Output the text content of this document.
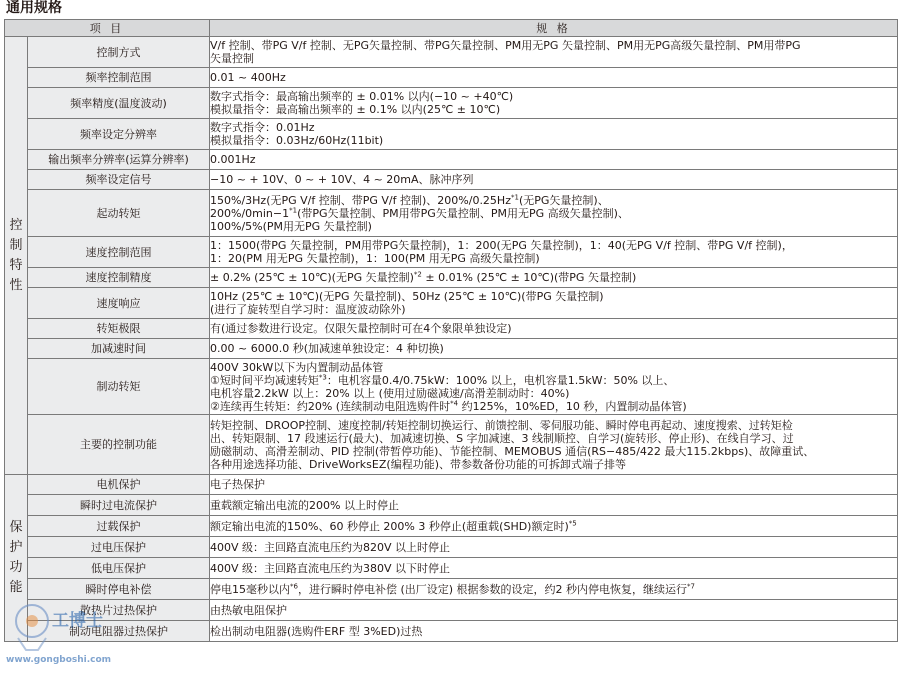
通用规格
项 目		规 格
控制特性	控制方式	V/f 控制、带PG V/f 控制、无PG矢量控制、带PG矢量控制、PM用无PG 矢量控制、PM用无PG高级矢量控制、PM用带PG
矢量控制

	频率控制范围	0.01 ~ 400Hz

	频率精度(温度波动)	数字式指令：最高输出频率的 ± 0.01% 以内(−10 ~ +40℃)
模拟量指令：最高输出频率的 ± 0.1% 以内(25℃ ± 10℃)

	频率设定分辨率	数字式指令：0.01Hz
模拟量指令：0.03Hz/60Hz(11bit)

	输出频率分辨率(运算分辨率)	0.001Hz

	频率设定信号	−10 ~ + 10V、0 ~ + 10V、4 ~ 20mA、脉冲序列

	起动转矩	150%/3Hz(无PG V/f 控制、带PG V/f 控制)、200%/0.25Hz$^{*1}$(无PG矢量控制)、
$200\%/0\min-1^{*1}$(带PG矢量控制、PM用带PG矢量控制、PM用无PG 高级矢量控制)、
100%/5%(PM用无PG 矢量控制)

	速度控制范围	1：1500(带PG 矢量控制，PM用带PG矢量控制)，1：200(无PG 矢量控制)，1：40(无PG V/f 控制、带PG V/f 控制)，
1：20(PM 用无PG 矢量控制)，1：100(PM 用无PG 高级矢量控制)

	速度控制精度	± 0.2% (25℃ ± 10℃)(无PG 矢量控制)$^{*2}$ ± 0.01% (25℃ ± 10℃)(带PG 矢量控制)

	速度响应	10Hz (25℃ ± 10℃)(无PG 矢量控制)、50Hz (25℃ ± 10℃)(带PG 矢量控制)
(进行了旋转型自学习时：温度波动除外)

	转矩极限	有(通过参数进行设定。仅限矢量控制时可在4个象限单独设定)

	加减速时间	0.00 ~ 6000.0 秒(加减速单独设定：4 种切换)

	制动转矩	400V 30kW以下为内置制动晶体管
①短时间平均减速转矩$^{*3}$：电机容量0.4/0.75kW：100% 以上，电机容量1.5kW：50% 以上、
电机容量2.2kW 以上：20% 以上 (使用过励磁减速/高滑差制动时：40%)
②连续再生转矩：约20% (连续制动电阻选购件时$^{*4}$ 约125%，10%ED，10 秒，内置制动晶体管)

	主要的控制功能	转矩控制、DROOP控制、速度控制/转矩控制切换运行、前馈控制、零伺服功能、瞬时停电再起动、速度搜索、过转矩检
出、转矩限制、17 段速运行(最大)、加减速切换、S 字加减速、3 线制顺控、自学习(旋转形、停止形)、在线自学习、过
励磁制动、高滑差制动、PID 控制(带暂停功能)、节能控制、MEMOBUS 通信(RS−485/422 最大115.2kbps)、故障重试、
各种用途选择功能、DriveWorksEZ(编程功能)、带参数备份功能的可拆卸式端子排等

保护功能	电机保护	电子热保护

	瞬时过电流保护	重载额定输出电流的200% 以上时停止

	过载保护	额定输出电流的150%、60 秒停止 200% 3 秒停止(超重载(SHD)额定时)$^{*5}$

	过电压保护	400V 级：主回路直流电压约为820V 以上时停止

	低电压保护	400V 级：主回路直流电压约为380V 以下时停止

	瞬时停电补偿	停电15毫秒以内$^{*6}$，进行瞬时停电补偿 (出厂设定) 根据参数的设定，约2 秒内停电恢复，继续运行$^{*7}$

	散热片过热保护	由热敏电阻保护

	制动电阻器过热保护	检出制动电阻器(选购件ERF 型 3%ED)过热
工博士
www.gongboshi.com
